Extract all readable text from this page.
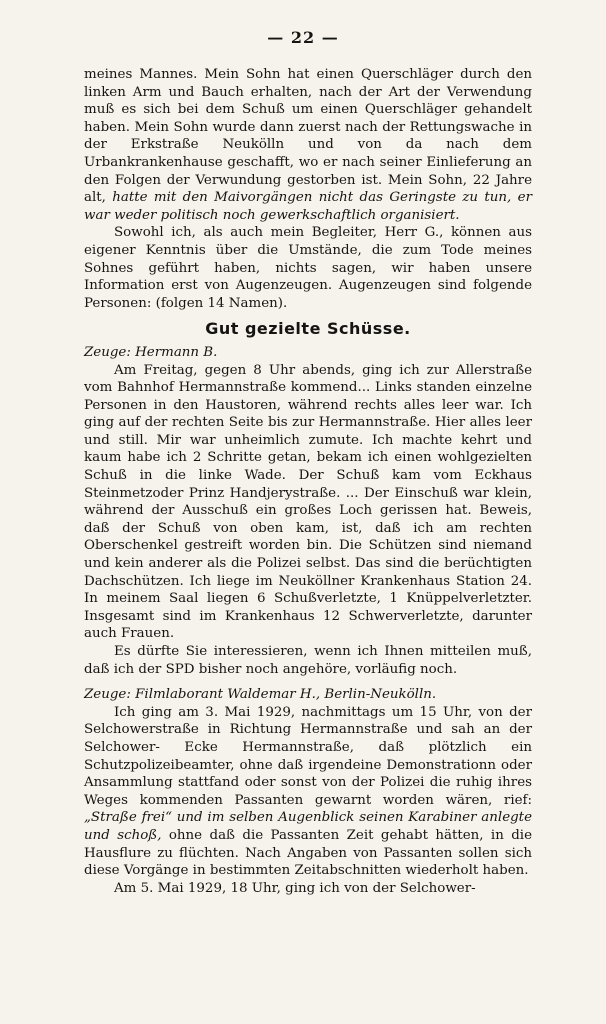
— 22 —

meines Mannes. Mein Sohn hat einen Querschläger durch den linken Arm und Bauch erhalten, nach der Art der Verwendung muß es sich bei dem Schuß um einen Querschläger gehandelt haben. Mein Sohn wurde dann zuerst nach der Rettungswache in der Erkstraße Neukölln und von da nach dem Urbankrankenhause geschafft, wo er nach seiner Einlieferung an den Folgen der Verwundung gestorben ist. Mein Sohn, 22 Jahre alt, hatte mit den Maivorgängen nicht das Geringste zu tun, er war weder politisch noch gewerkschaftlich organisiert.

Sowohl ich, als auch mein Begleiter, Herr G., können aus eigener Kenntnis über die Umstände, die zum Tode meines Sohnes geführt haben, nichts sagen, wir haben unsere Information erst von Augenzeugen. Augenzeugen sind folgende Personen: (folgen 14 Namen).

Gut gezielte Schüsse.

Zeuge: Hermann B.

Am Freitag, gegen 8 Uhr abends, ging ich zur Allerstraße vom Bahnhof Hermannstraße kommend... Links standen einzelne Personen in den Haustoren, während rechts alles leer war. Ich ging auf der rechten Seite bis zur Hermannstraße. Hier alles leer und still. Mir war unheimlich zumute. Ich machte kehrt und kaum habe ich 2 Schritte getan, bekam ich einen wohlgezielten Schuß in die linke Wade. Der Schuß kam vom Eckhaus Steinmetzoder Prinz Handjerystraße. ... Der Einschuß war klein, während der Ausschuß ein großes Loch gerissen hat. Beweis, daß der Schuß von oben kam, ist, daß ich am rechten Oberschenkel gestreift worden bin. Die Schützen sind niemand und kein anderer als die Polizei selbst. Das sind die berüchtigten Dachschützen. Ich liege im Neuköllner Krankenhaus Station 24. In meinem Saal liegen 6 Schußverletzte, 1 Knüppelverletzter. Insgesamt sind im Krankenhaus 12 Schwerverletzte, darunter auch Frauen.

Es dürfte Sie interessieren, wenn ich Ihnen mitteilen muß, daß ich der SPD bisher noch angehöre, vorläufig noch.

Zeuge: Filmlaborant Waldemar H., Berlin-Neukölln.

Ich ging am 3. Mai 1929, nachmittags um 15 Uhr, von der Selchowerstraße in Richtung Hermannstraße und sah an der Selchower- Ecke Hermannstraße, daß plötzlich ein Schutzpolizeibeamter, ohne daß irgendeine Demonstrationn oder Ansammlung stattfand oder sonst von der Polizei die ruhig ihres Weges kommenden Passanten gewarnt worden wären, rief: „Straße frei“ und im selben Augenblick seinen Karabiner anlegte und schoß, ohne daß die Passanten Zeit gehabt hätten, in die Hausflure zu flüchten. Nach Angaben von Passanten sollen sich diese Vorgänge in bestimmten Zeitabschnitten wiederholt haben.

Am 5. Mai 1929, 18 Uhr, ging ich von der Selchower-
